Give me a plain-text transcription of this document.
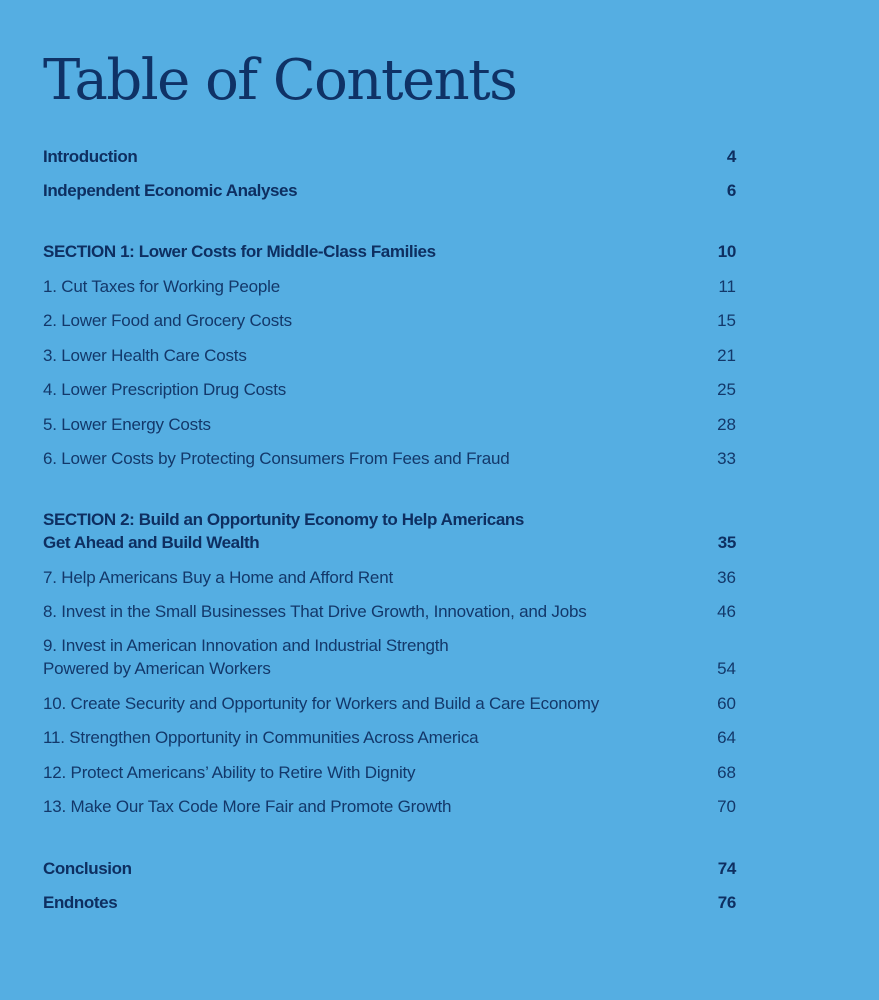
Table of Contents
Introduction	4
Independent Economic Analyses	6
SECTION 1: Lower Costs for Middle-Class Families	10
1. Cut Taxes for Working People	11
2. Lower Food and Grocery Costs	15
3. Lower Health Care Costs	21
4. Lower Prescription Drug Costs	25
5. Lower Energy Costs	28
6. Lower Costs by Protecting Consumers From Fees and Fraud	33
SECTION 2: Build an Opportunity Economy to Help Americans
Get Ahead and Build Wealth	35
7. Help Americans Buy a Home and Afford Rent	36
8. Invest in the Small Businesses That Drive Growth, Innovation, and Jobs	46
9. Invest in American Innovation and Industrial Strength
Powered by American Workers	54
10. Create Security and Opportunity for Workers and Build a Care Economy	60
11. Strengthen Opportunity in Communities Across America	64
12. Protect Americans’ Ability to Retire With Dignity	68
13. Make Our Tax Code More Fair and Promote Growth	70
Conclusion	74
Endnotes	76
